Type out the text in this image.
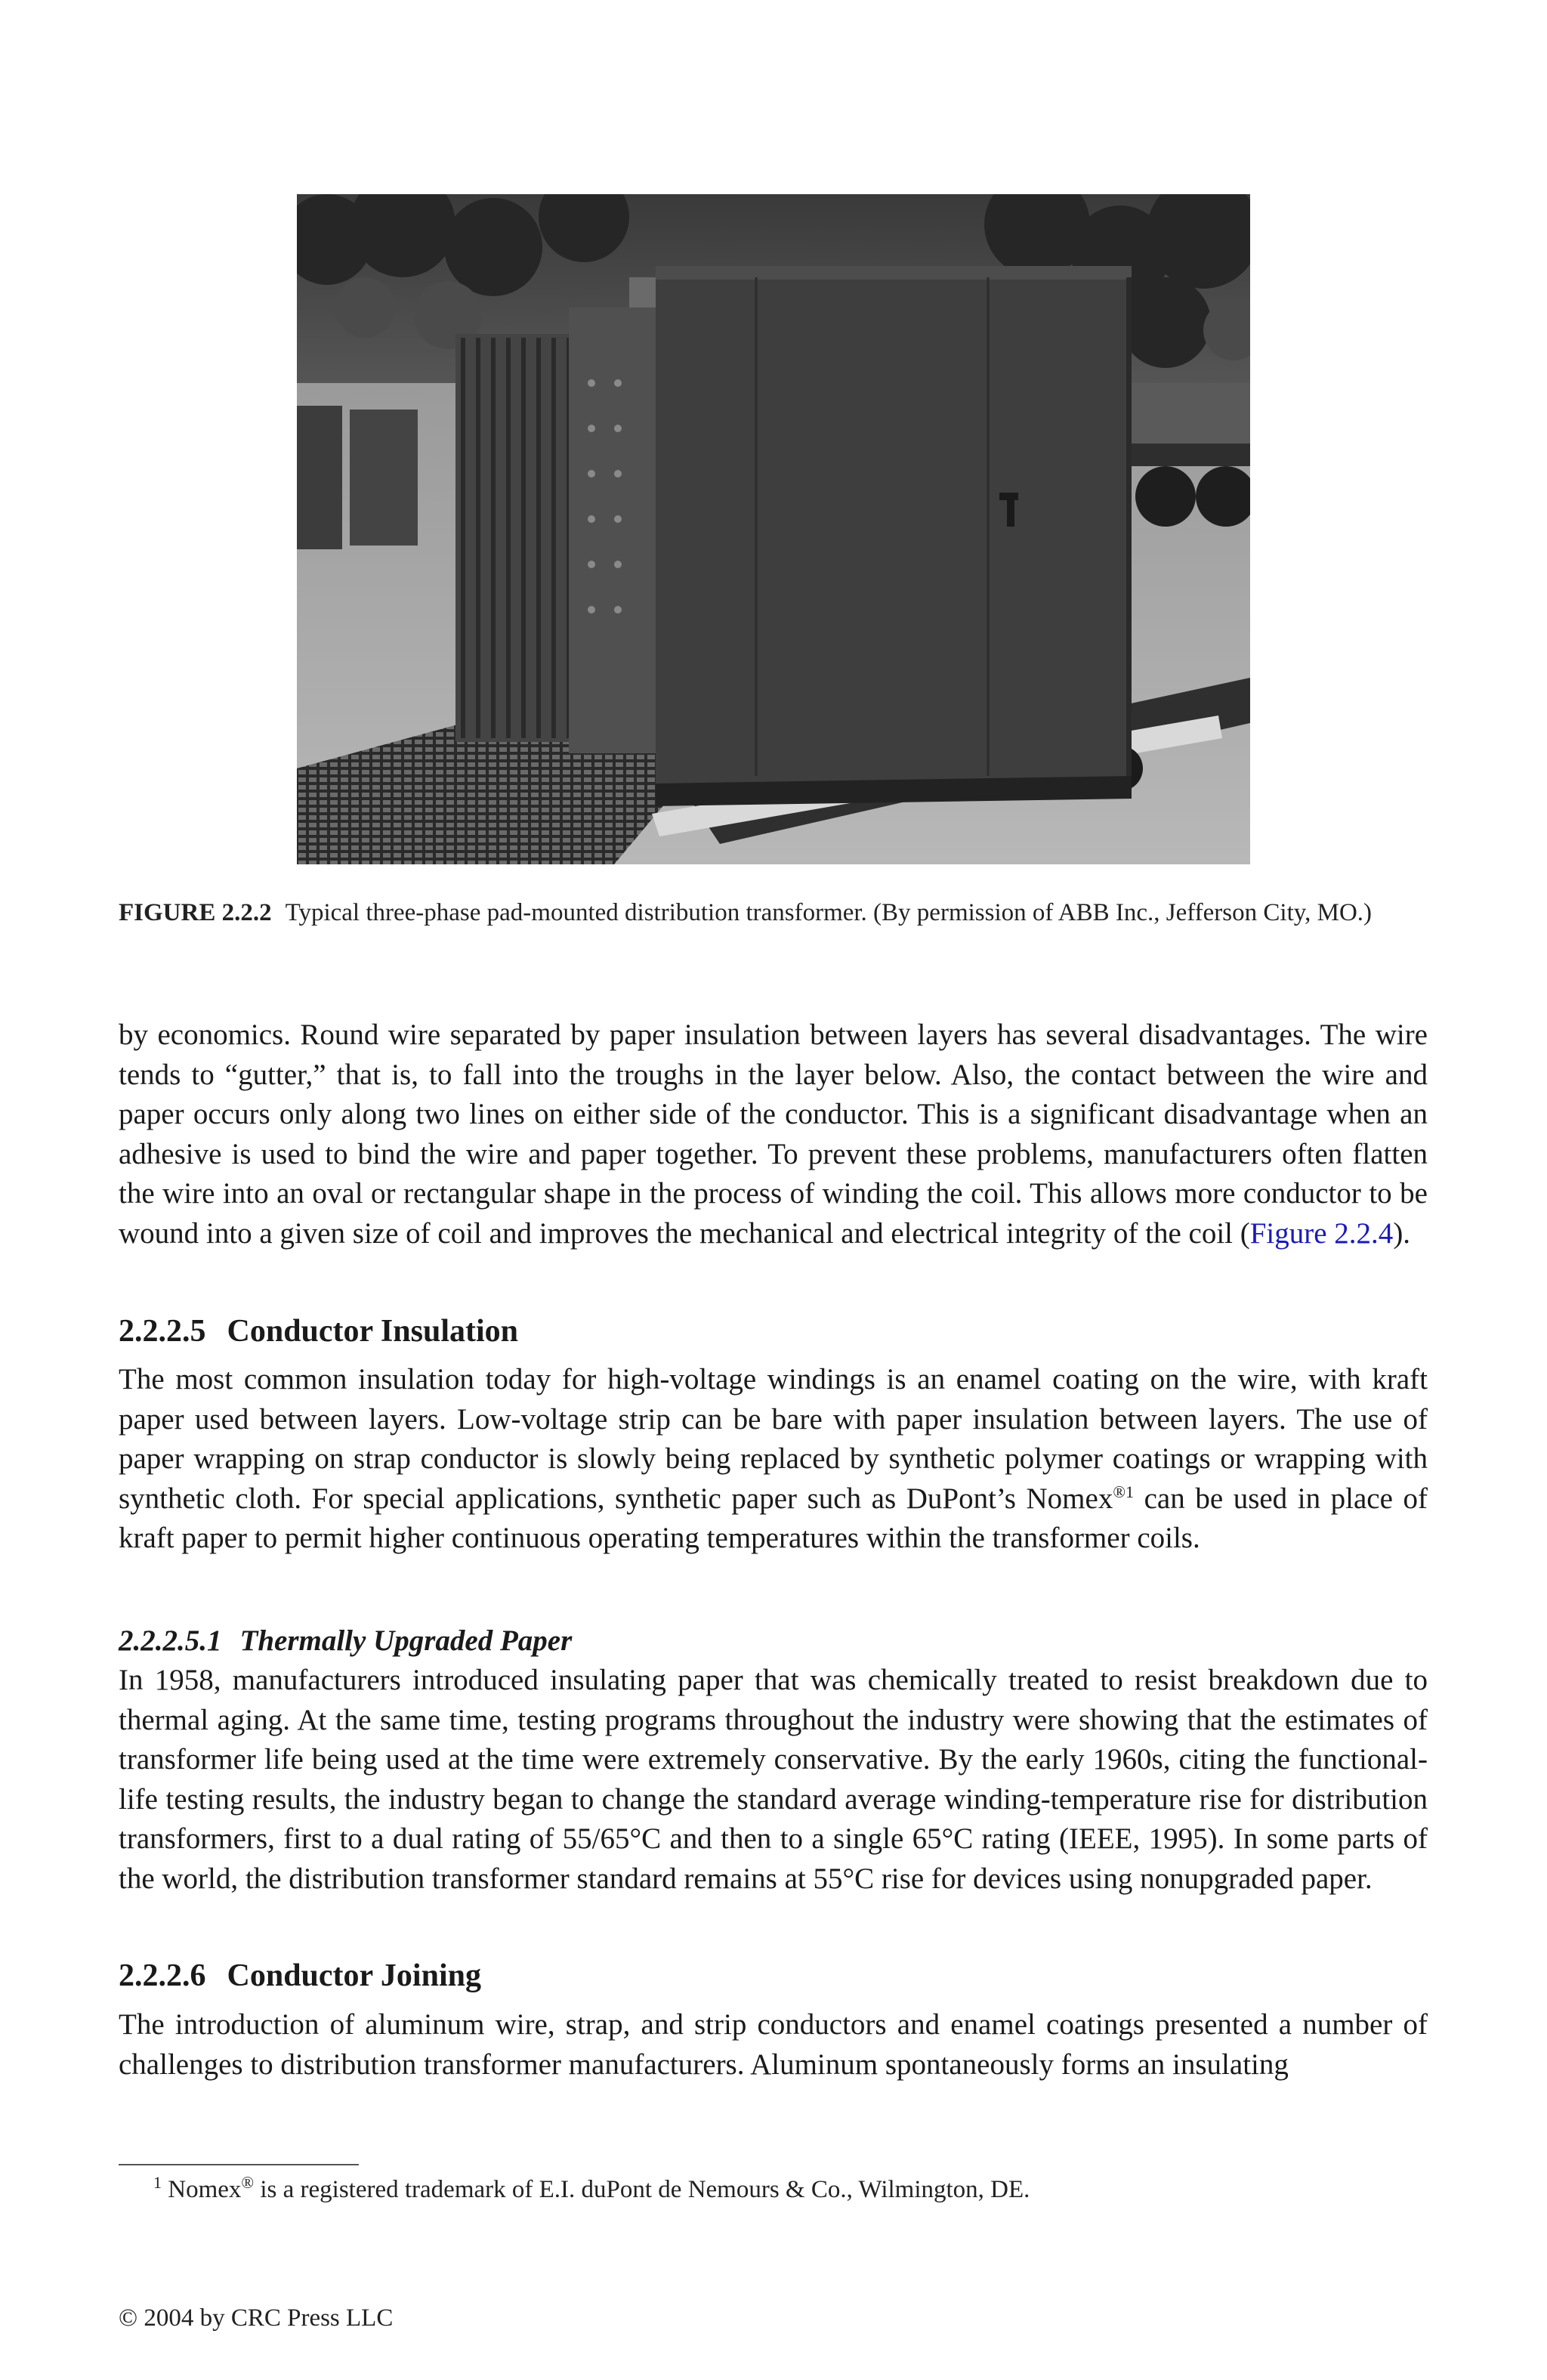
FIGURE 2.2.2 Typical three-phase pad-mounted distribution transformer. (By permission of ABB Inc., Jefferson City, MO.)
by economics. Round wire separated by paper insulation between layers has several disadvantages. The wire tends to “gutter,” that is, to fall into the troughs in the layer below. Also, the contact between the wire and paper occurs only along two lines on either side of the conductor. This is a significant disadvantage when an adhesive is used to bind the wire and paper together. To prevent these problems, manufacturers often flatten the wire into an oval or rectangular shape in the process of winding the coil. This allows more conductor to be wound into a given size of coil and improves the mechanical and electrical integrity of the coil (Figure 2.2.4).
2.2.2.5 Conductor Insulation
The most common insulation today for high-voltage windings is an enamel coating on the wire, with kraft paper used between layers. Low-voltage strip can be bare with paper insulation between layers. The use of paper wrapping on strap conductor is slowly being replaced by synthetic polymer coatings or wrapping with synthetic cloth. For special applications, synthetic paper such as DuPont’s Nomex$^{®1}$ can be used in place of kraft paper to permit higher continuous operating temperatures within the transformer coils.
2.2.2.5.1 Thermally Upgraded Paper
In 1958, manufacturers introduced insulating paper that was chemically treated to resist breakdown due to thermal aging. At the same time, testing programs throughout the industry were showing that the estimates of transformer life being used at the time were extremely conservative. By the early 1960s, citing the functional-life testing results, the industry began to change the standard average winding-temperature rise for distribution transformers, first to a dual rating of 55/65°C and then to a single 65°C rating (IEEE, 1995). In some parts of the world, the distribution transformer standard remains at 55°C rise for devices using nonupgraded paper.
2.2.2.6 Conductor Joining
The introduction of aluminum wire, strap, and strip conductors and enamel coatings presented a number of challenges to distribution transformer manufacturers. Aluminum spontaneously forms an insulating
$^1$ Nomex® is a registered trademark of E.I. duPont de Nemours & Co., Wilmington, DE.
© 2004 by CRC Press LLC
